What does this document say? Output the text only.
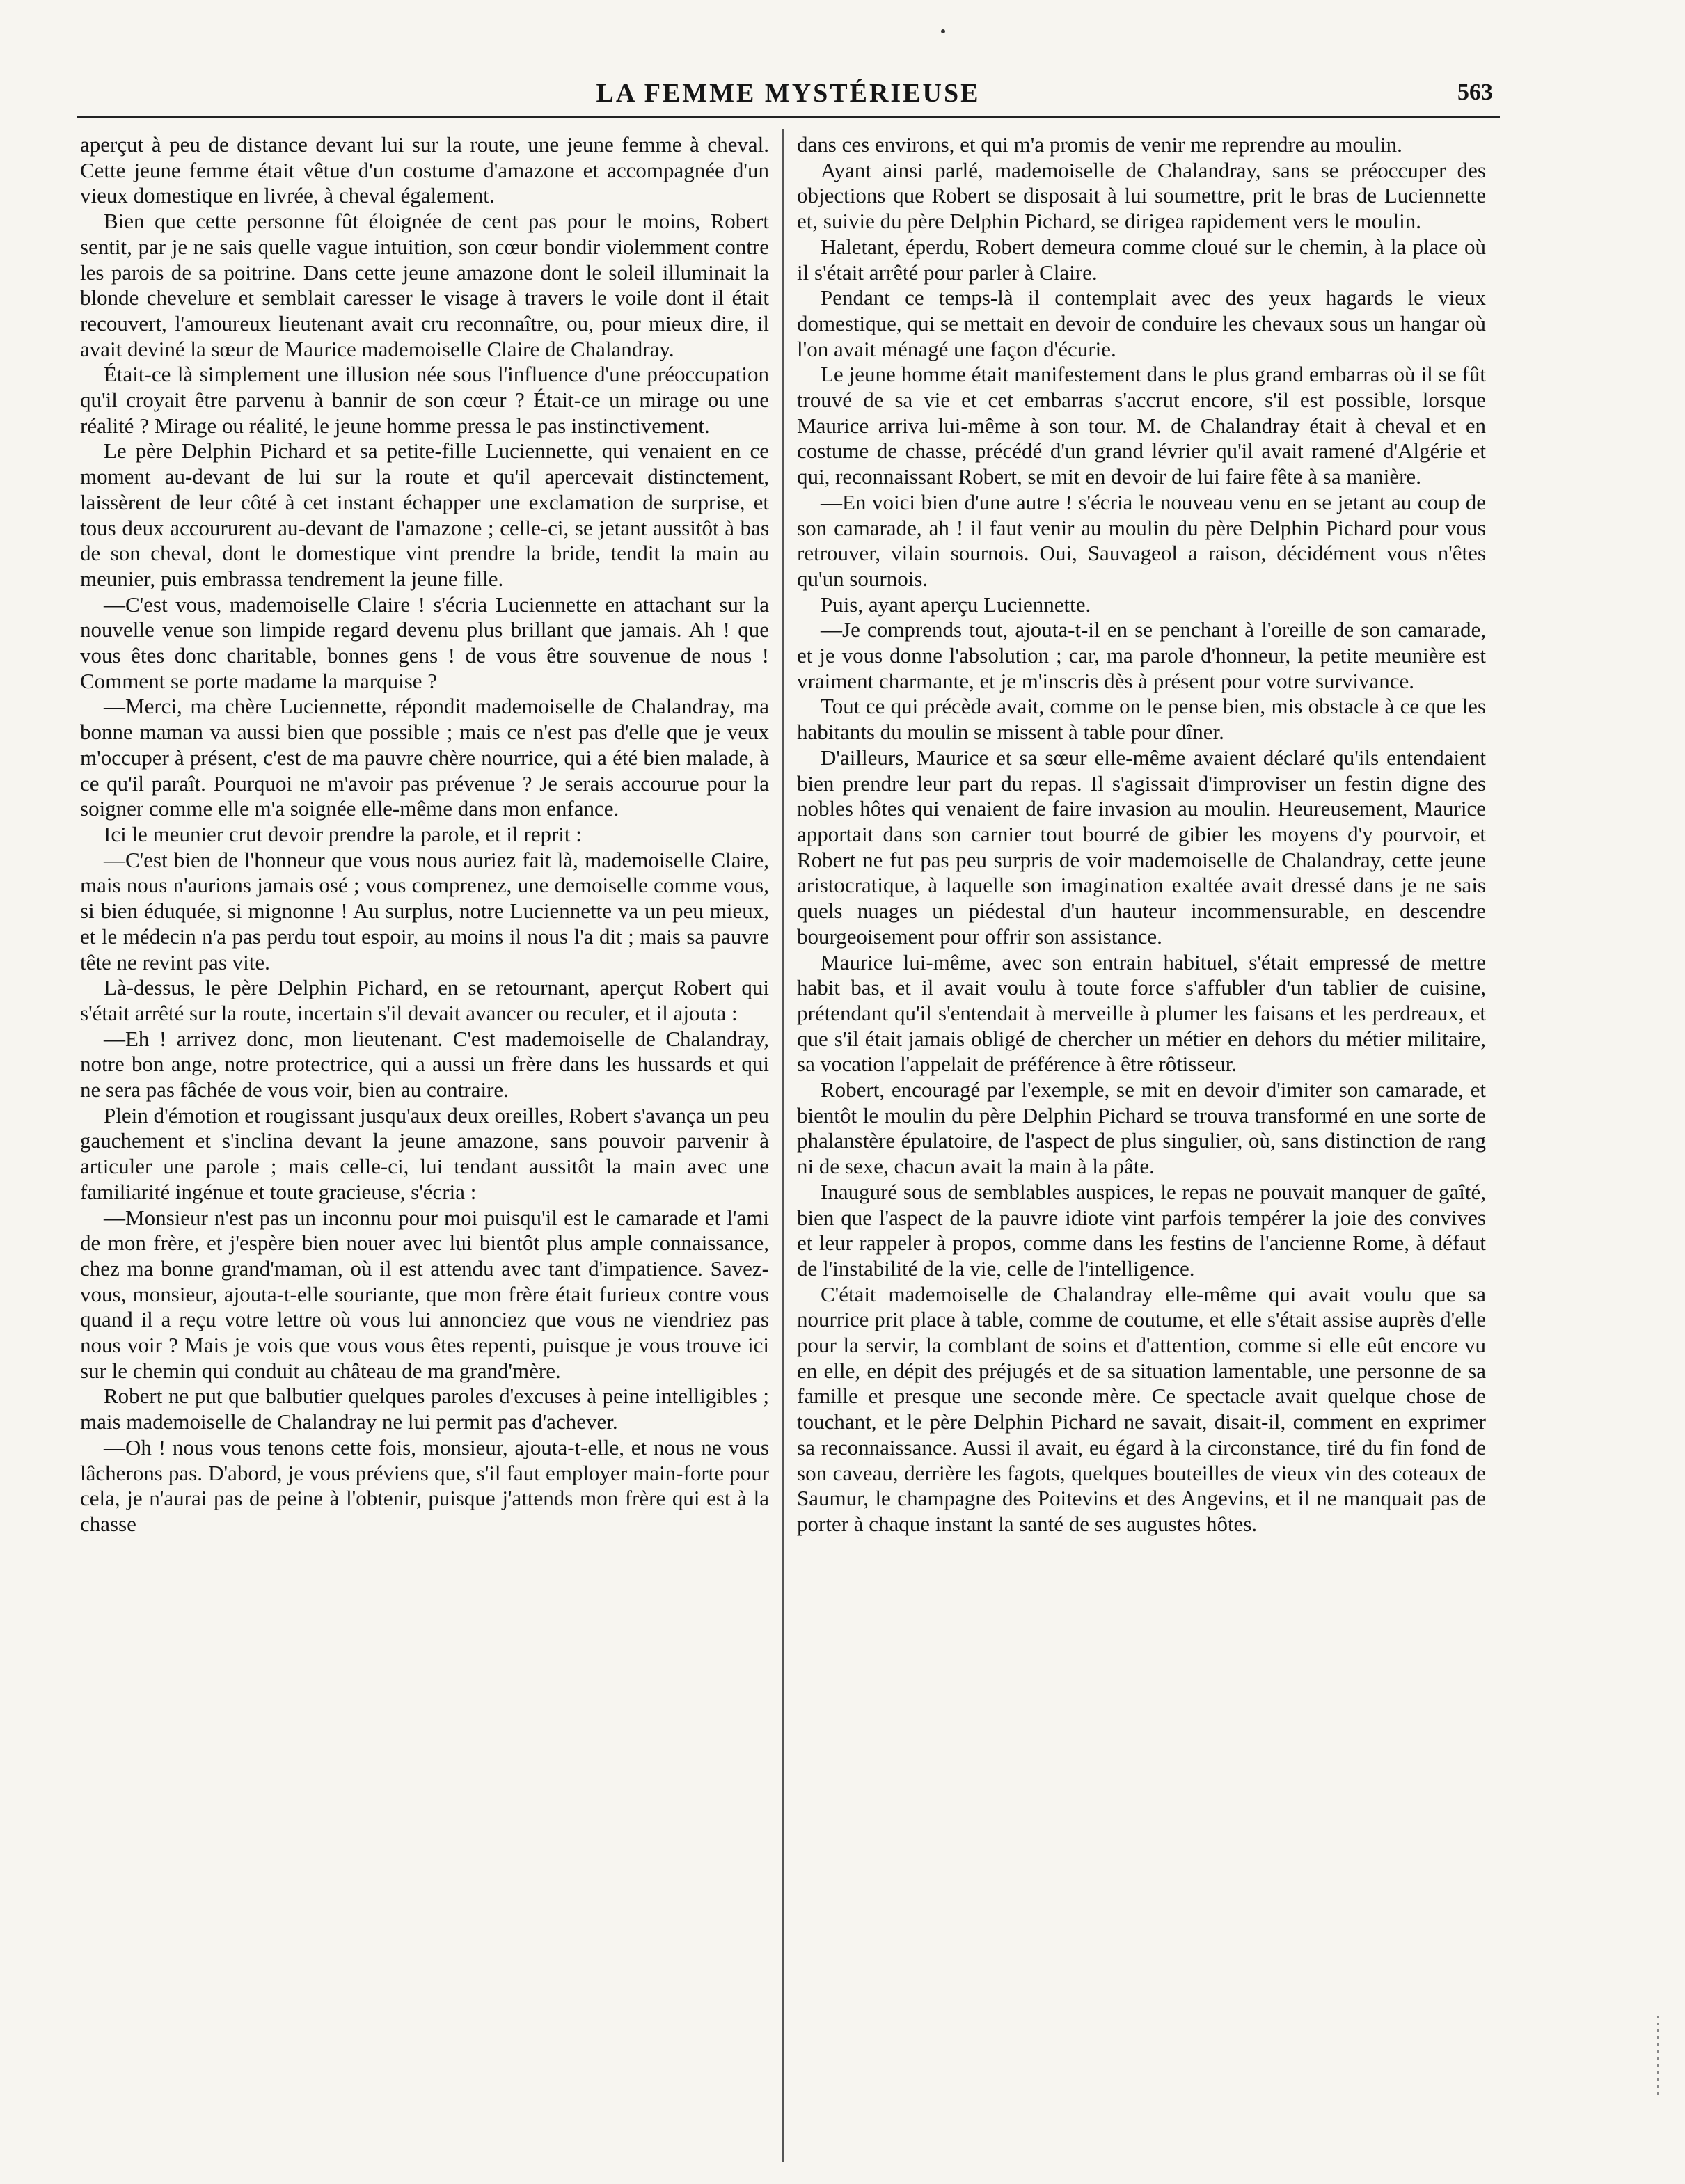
LA FEMME MYSTÉRIEUSE	563

aperçut à peu de distance devant lui sur la route, une jeune femme à cheval. Cette jeune femme était vêtue d'un costume d'amazone et accompagnée d'un vieux domestique en livrée, à cheval également.

Bien que cette personne fût éloignée de cent pas pour le moins, Robert sentit, par je ne sais quelle vague intuition, son cœur bondir violemment contre les parois de sa poitrine. Dans cette jeune amazone dont le soleil illuminait la blonde chevelure et semblait caresser le visage à travers le voile dont il était recouvert, l'amoureux lieutenant avait cru reconnaître, ou, pour mieux dire, il avait deviné la sœur de Maurice mademoiselle Claire de Chalandray.

Était-ce là simplement une illusion née sous l'influence d'une préoccupation qu'il croyait être parvenu à bannir de son cœur ? Était-ce un mirage ou une réalité ? Mirage ou réalité, le jeune homme pressa le pas instinctivement.

Le père Delphin Pichard et sa petite-fille Luciennette, qui venaient en ce moment au-devant de lui sur la route et qu'il apercevait distinctement, laissèrent de leur côté à cet instant échapper une exclamation de surprise, et tous deux accoururent au-devant de l'amazone ; celle-ci, se jetant aussitôt à bas de son cheval, dont le domestique vint prendre la bride, tendit la main au meunier, puis embrassa tendrement la jeune fille.

—C'est vous, mademoiselle Claire ! s'écria Luciennette en attachant sur la nouvelle venue son limpide regard devenu plus brillant que jamais. Ah ! que vous êtes donc charitable, bonnes gens ! de vous être souvenue de nous ! Comment se porte madame la marquise ?

—Merci, ma chère Luciennette, répondit mademoiselle de Chalandray, ma bonne maman va aussi bien que possible ; mais ce n'est pas d'elle que je veux m'occuper à présent, c'est de ma pauvre chère nourrice, qui a été bien malade, à ce qu'il paraît. Pourquoi ne m'avoir pas prévenue ? Je serais accourue pour la soigner comme elle m'a soignée elle-même dans mon enfance.

Ici le meunier crut devoir prendre la parole, et il reprit :

—C'est bien de l'honneur que vous nous auriez fait là, mademoiselle Claire, mais nous n'aurions jamais osé ; vous comprenez, une demoiselle comme vous, si bien éduquée, si mignonne ! Au surplus, notre Luciennette va un peu mieux, et le médecin n'a pas perdu tout espoir, au moins il nous l'a dit ; mais sa pauvre tête ne revint pas vite.

Là-dessus, le père Delphin Pichard, en se retournant, aperçut Robert qui s'était arrêté sur la route, incertain s'il devait avancer ou reculer, et il ajouta :

—Eh ! arrivez donc, mon lieutenant. C'est mademoiselle de Chalandray, notre bon ange, notre protectrice, qui a aussi un frère dans les hussards et qui ne sera pas fâchée de vous voir, bien au contraire.

Plein d'émotion et rougissant jusqu'aux deux oreilles, Robert s'avança un peu gauchement et s'inclina devant la jeune amazone, sans pouvoir parvenir à articuler une parole ; mais celle-ci, lui tendant aussitôt la main avec une familiarité ingénue et toute gracieuse, s'écria :

—Monsieur n'est pas un inconnu pour moi puisqu'il est le camarade et l'ami de mon frère, et j'espère bien nouer avec lui bientôt plus ample connaissance, chez ma bonne grand'maman, où il est attendu avec tant d'impatience. Savez-vous, monsieur, ajouta-t-elle souriante, que mon frère était furieux contre vous quand il a reçu votre lettre où vous lui annonciez que vous ne viendriez pas nous voir ? Mais je vois que vous vous êtes repenti, puisque je vous trouve ici sur le chemin qui conduit au château de ma grand'mère.

Robert ne put que balbutier quelques paroles d'excuses à peine intelligibles ; mais mademoiselle de Chalandray ne lui permit pas d'achever.

—Oh ! nous vous tenons cette fois, monsieur, ajouta-t-elle, et nous ne vous lâcherons pas. D'abord, je vous préviens que, s'il faut employer main-forte pour cela, je n'aurai pas de peine à l'obtenir, puisque j'attends mon frère qui est à la chasse

dans ces environs, et qui m'a promis de venir me reprendre au moulin.

Ayant ainsi parlé, mademoiselle de Chalandray, sans se préoccuper des objections que Robert se disposait à lui soumettre, prit le bras de Luciennette et, suivie du père Delphin Pichard, se dirigea rapidement vers le moulin.

Haletant, éperdu, Robert demeura comme cloué sur le chemin, à la place où il s'était arrêté pour parler à Claire.

Pendant ce temps-là il contemplait avec des yeux hagards le vieux domestique, qui se mettait en devoir de conduire les chevaux sous un hangar où l'on avait ménagé une façon d'écurie.

Le jeune homme était manifestement dans le plus grand embarras où il se fût trouvé de sa vie et cet embarras s'accrut encore, s'il est possible, lorsque Maurice arriva lui-même à son tour. M. de Chalandray était à cheval et en costume de chasse, précédé d'un grand lévrier qu'il avait ramené d'Algérie et qui, reconnaissant Robert, se mit en devoir de lui faire fête à sa manière.

—En voici bien d'une autre ! s'écria le nouveau venu en se jetant au coup de son camarade, ah ! il faut venir au moulin du père Delphin Pichard pour vous retrouver, vilain sournois. Oui, Sauvageol a raison, décidément vous n'êtes qu'un sournois.

Puis, ayant aperçu Luciennette.

—Je comprends tout, ajouta-t-il en se penchant à l'oreille de son camarade, et je vous donne l'absolution ; car, ma parole d'honneur, la petite meunière est vraiment charmante, et je m'inscris dès à présent pour votre survivance.

Tout ce qui précède avait, comme on le pense bien, mis obstacle à ce que les habitants du moulin se missent à table pour dîner.

D'ailleurs, Maurice et sa sœur elle-même avaient déclaré qu'ils entendaient bien prendre leur part du repas. Il s'agissait d'improviser un festin digne des nobles hôtes qui venaient de faire invasion au moulin. Heureusement, Maurice apportait dans son carnier tout bourré de gibier les moyens d'y pourvoir, et Robert ne fut pas peu surpris de voir mademoiselle de Chalandray, cette jeune aristocratique, à laquelle son imagination exaltée avait dressé dans je ne sais quels nuages un piédestal d'un hauteur incommensurable, en descendre bourgeoisement pour offrir son assistance.

Maurice lui-même, avec son entrain habituel, s'était empressé de mettre habit bas, et il avait voulu à toute force s'affubler d'un tablier de cuisine, prétendant qu'il s'entendait à merveille à plumer les faisans et les perdreaux, et que s'il était jamais obligé de chercher un métier en dehors du métier militaire, sa vocation l'appelait de préférence à être rôtisseur.

Robert, encouragé par l'exemple, se mit en devoir d'imiter son camarade, et bientôt le moulin du père Delphin Pichard se trouva transformé en une sorte de phalanstère épulatoire, de l'aspect de plus singulier, où, sans distinction de rang ni de sexe, chacun avait la main à la pâte.

Inauguré sous de semblables auspices, le repas ne pouvait manquer de gaîté, bien que l'aspect de la pauvre idiote vint parfois tempérer la joie des convives et leur rappeler à propos, comme dans les festins de l'ancienne Rome, à défaut de l'instabilité de la vie, celle de l'intelligence.

C'était mademoiselle de Chalandray elle-même qui avait voulu que sa nourrice prit place à table, comme de coutume, et elle s'était assise auprès d'elle pour la servir, la comblant de soins et d'attention, comme si elle eût encore vu en elle, en dépit des préjugés et de sa situation lamentable, une personne de sa famille et presque une seconde mère. Ce spectacle avait quelque chose de touchant, et le père Delphin Pichard ne savait, disait-il, comment en exprimer sa reconnaissance. Aussi il avait, eu égard à la circonstance, tiré du fin fond de son caveau, derrière les fagots, quelques bouteilles de vieux vin des coteaux de Saumur, le champagne des Poitevins et des Angevins, et il ne manquait pas de porter à chaque instant la santé de ses augustes hôtes.
